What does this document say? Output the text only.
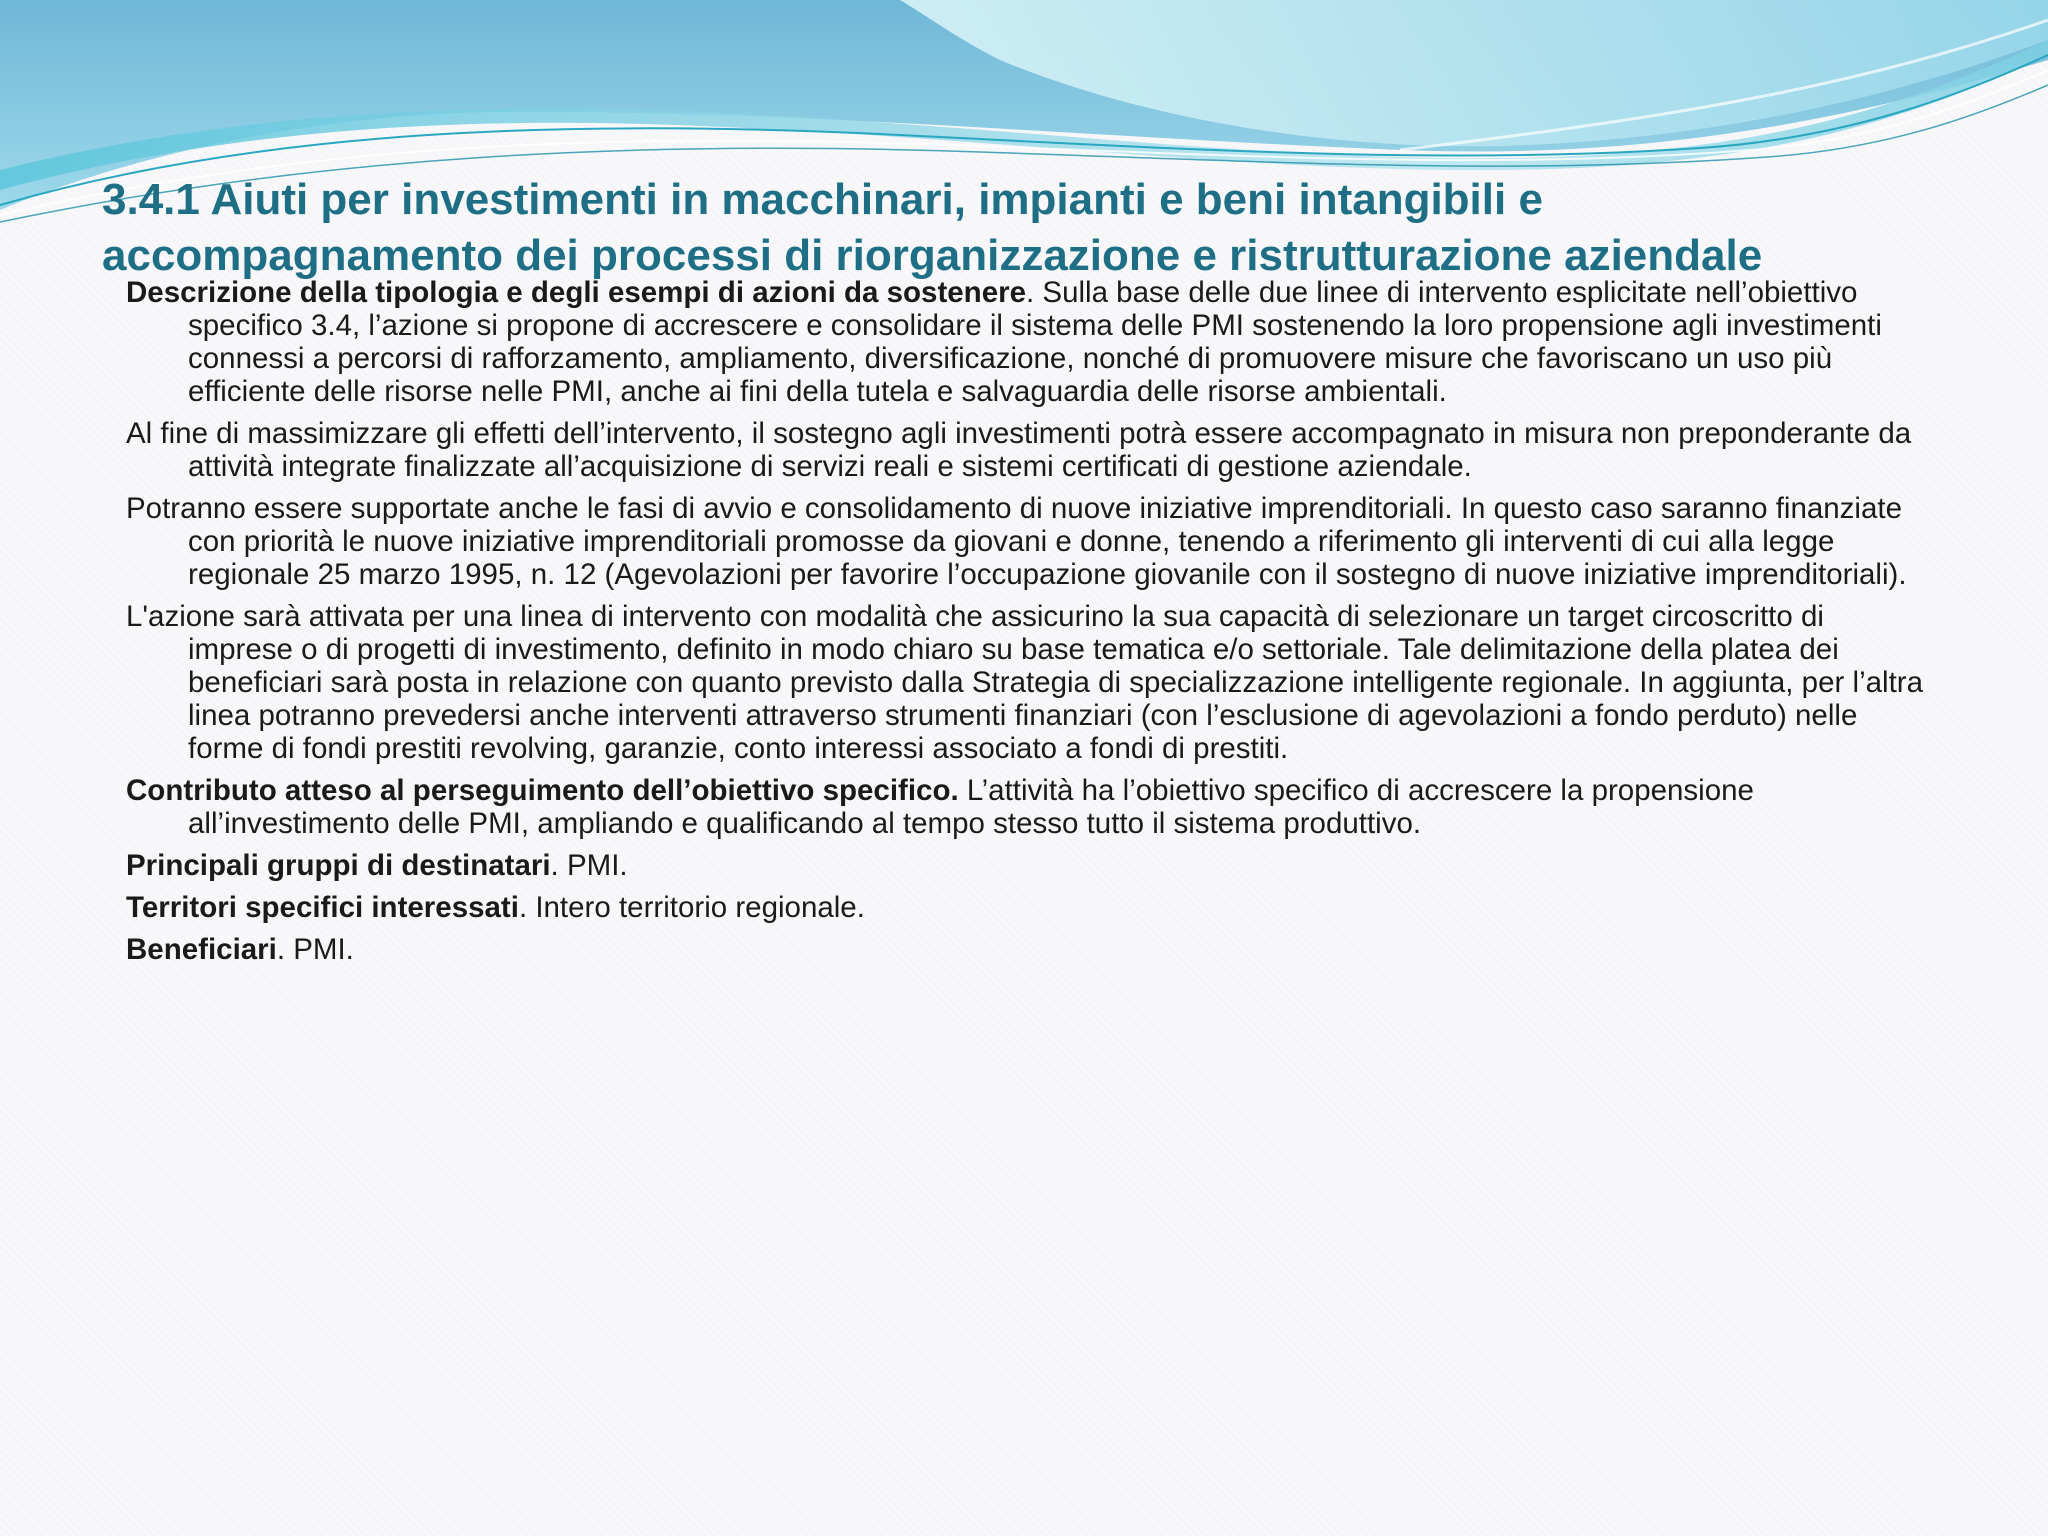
3.4.1 Aiuti per investimenti in macchinari, impianti e beni intangibili e accompagnamento dei processi di riorganizzazione e ristrutturazione aziendale

Descrizione della tipologia e degli esempi di azioni da sostenere. Sulla base delle due linee di intervento esplicitate nell’obiettivo specifico 3.4, l’azione si propone di accrescere e consolidare il sistema delle PMI sostenendo la loro propensione agli investimenti connessi a percorsi di rafforzamento, ampliamento, diversificazione, nonché di promuovere misure che favoriscano un uso più efficiente delle risorse nelle PMI, anche ai fini della tutela e salvaguardia delle risorse ambientali.

Al fine di massimizzare gli effetti dell’intervento, il sostegno agli investimenti potrà essere accompagnato in misura non preponderante da attività integrate finalizzate all’acquisizione di servizi reali e sistemi certificati di gestione aziendale.

Potranno essere supportate anche le fasi di avvio e consolidamento di nuove iniziative imprenditoriali. In questo caso saranno finanziate con priorità le nuove iniziative imprenditoriali promosse da giovani e donne, tenendo a riferimento gli interventi di cui alla legge regionale 25 marzo 1995, n. 12 (Agevolazioni per favorire l’occupazione giovanile con il sostegno di nuove iniziative imprenditoriali).

L'azione sarà attivata per una linea di intervento con modalità che assicurino la sua capacità di selezionare un target circoscritto di imprese o di progetti di investimento, definito in modo chiaro su base tematica e/o settoriale. Tale delimitazione della platea dei beneficiari sarà posta in relazione con quanto previsto dalla Strategia di specializzazione intelligente regionale. In aggiunta, per l’altra linea potranno prevedersi anche interventi attraverso strumenti finanziari (con l’esclusione di agevolazioni a fondo perduto) nelle forme di fondi prestiti revolving, garanzie, conto interessi associato a fondi di prestiti.

Contributo atteso al perseguimento dell’obiettivo specifico. L’attività ha l’obiettivo specifico di accrescere la propensione all’investimento delle PMI, ampliando e qualificando al tempo stesso tutto il sistema produttivo.

Principali gruppi di destinatari. PMI.

Territori specifici interessati. Intero territorio regionale.

Beneficiari. PMI.
